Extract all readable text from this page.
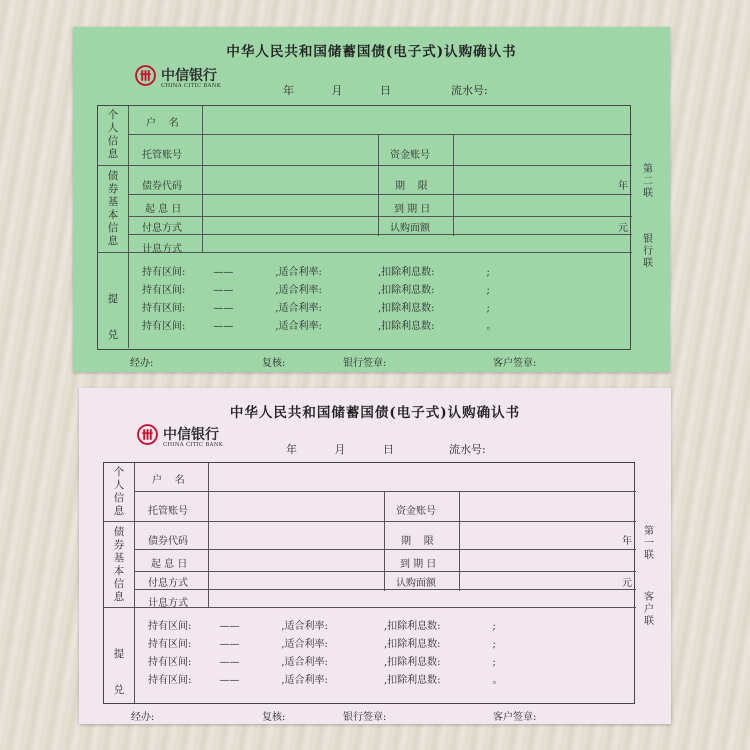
中华人民共和国储蓄国债(电子式)认购确认书
中信银行
CHINA CITIC BANK	年	月	日	流水号:
个人信息
债券基本信息
提兑
户    名
托管账号	资金账号
债券代码	期    限	年
起 息 日	到 期 日
付息方式	认购面额	元
计息方式
持有区间:	——	,适合利率:	,扣除利息数:	;
持有区间:	——	,适合利率:	,扣除利息数:	;
持有区间:	——	,适合利率:	,扣除利息数:	;
持有区间:	——	,适合利率:	,扣除利息数:	。
第二联
银行联
经办:	复核:	银行签章:	客户签章:
中华人民共和国储蓄国债(电子式)认购确认书
中信银行
CHINA CITIC BANK	年	月	日	流水号:
个人信息
债券基本信息
提兑
户    名
托管账号	资金账号
债券代码	期    限	年
起 息 日	到 期 日
付息方式	认购面额	元
计息方式
持有区间:	——	,适合利率:	,扣除利息数:	;
持有区间:	——	,适合利率:	,扣除利息数:	;
持有区间:	——	,适合利率:	,扣除利息数:	;
持有区间:	——	,适合利率:	,扣除利息数:	。
第一联
客户联
经办:	复核:	银行签章:	客户签章:
